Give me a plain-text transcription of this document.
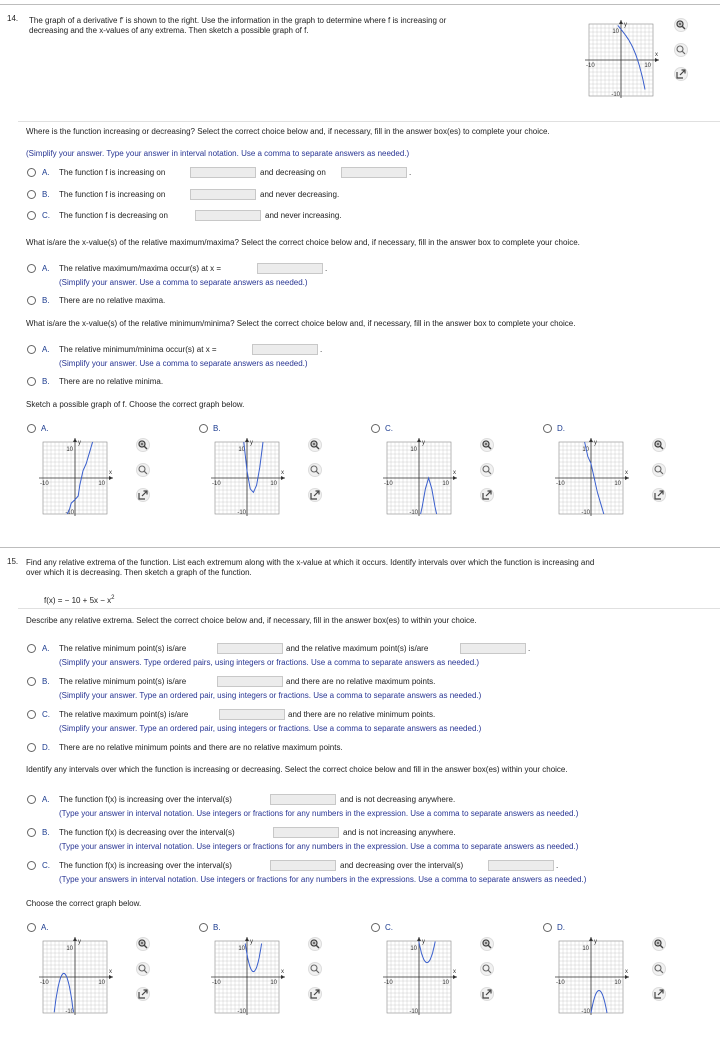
14. The graph of a derivative f′ is shown to the right. Use the information in the graph to determine where f is increasing or
decreasing and the x-values of any extrema. Then sketch a possible graph of f.
y
x
10
-10
-10	10
Where is the function increasing or decreasing? Select the correct choice below and, if necessary, fill in the answer box(es) to complete your choice.
(Simplify your answer. Type your answer in interval notation. Use a comma to separate answers as needed.)
A. The function f is increasing on	and decreasing on	.
B. The function f is increasing on	and never decreasing.
C. The function f is decreasing on	and never increasing.
What is/are the x-value(s) of the relative maximum/maxima? Select the correct choice below and, if necessary, fill in the answer box to complete your choice.
A. The relative maximum/maxima occur(s) at x =	.
(Simplify your answer. Use a comma to separate answers as needed.)
B. There are no relative maxima.
What is/are the x-value(s) of the relative minimum/minima? Select the correct choice below and, if necessary, fill in the answer box to complete your choice.
A. The relative minimum/minima occur(s) at x =	.
(Simplify your answer. Use a comma to separate answers as needed.)
B. There are no relative minima.
Sketch a possible graph of f. Choose the correct graph below.
A.
y
x
10
-10
-10	10
B.
y
x
10
-10
-10	10
C.
y
x
10
-10
-10	10
D.
y
x
10
-10
-10	10
15. Find any relative extrema of the function. List each extremum along with the x-value at which it occurs. Identify intervals over which the function is increasing and
over which it is decreasing. Then sketch a graph of the function.
f(x) = − $10 + 5x - x^2$
Describe any relative extrema. Select the correct choice below and, if necessary, fill in the answer box(es) to within your choice.
A. The relative minimum point(s) is/are	and the relative maximum point(s) is/are	.
(Simplify your answers. Type ordered pairs, using integers or fractions. Use a comma to separate answers as needed.)
B. The relative minimum point(s) is/are	and there are no relative maximum points.
(Simplify your answer. Type an ordered pair, using integers or fractions. Use a comma to separate answers as needed.)
C. The relative maximum point(s) is/are	and there are no relative minimum points.
(Simplify your answer. Type an ordered pair, using integers or fractions. Use a comma to separate answers as needed.)
D. There are no relative minimum points and there are no relative maximum points.
Identify any intervals over which the function is increasing or decreasing. Select the correct choice below and fill in the answer box(es) within your choice.
A. The function f(x) is increasing over the interval(s)	and is not decreasing anywhere.
(Type your answer in interval notation. Use integers or fractions for any numbers in the expression. Use a comma to separate answers as needed.)
B. The function f(x) is decreasing over the interval(s)	and is not increasing anywhere.
(Type your answer in interval notation. Use integers or fractions for any numbers in the expression. Use a comma to separate answers as needed.)
C. The function f(x) is increasing over the interval(s)	and decreasing over the interval(s)	.
(Type your answers in interval notation. Use integers or fractions for any numbers in the expressions. Use a comma to separate answers as needed.)
Choose the correct graph below.
A.
y
x
10
-10
-10	10
B.
y
x
10
-10
-10	10
C.
y
x
10
-10
-10	10
D.
y
x
10
-10
-10	10
